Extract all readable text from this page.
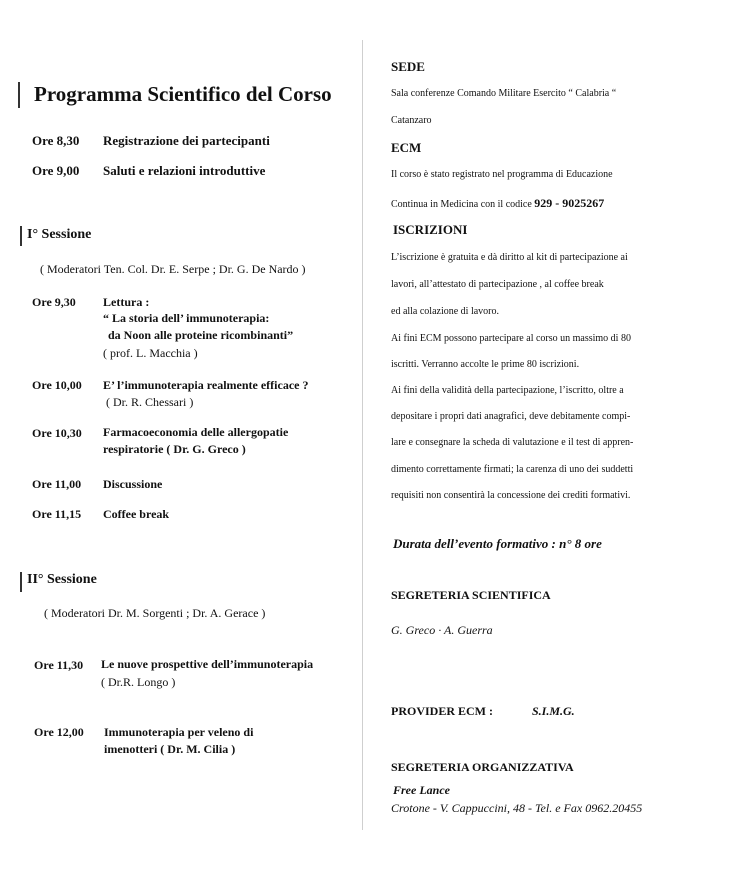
Programma Scientifico del Corso
Ore 8,30 Registrazione dei partecipanti
Ore 9,00 Saluti e relazioni introduttive
I° Sessione
( Moderatori Ten. Col. Dr. E. Serpe ; Dr. G. De Nardo )
Ore 9,30 Lettura :
“ La storia dell’ immunoterapia:
da Noon alle proteine ricombinanti”
( prof. L. Macchia )
Ore 10,00 E’ l’immunoterapia realmente efficace ?
( Dr. R. Chessari )
Ore 10,30 Farmacoeconomia delle allergopatie
respiratorie ( Dr. G. Greco )
Ore 11,00 Discussione
Ore 11,15 Coffee break
II° Sessione
( Moderatori Dr. M. Sorgenti ; Dr. A. Gerace )
Ore 11,30 Le nuove prospettive dell’immunoterapia
( Dr.R. Longo )
Ore 12,00 Immunoterapia per veleno di
imenotteri ( Dr. M. Cilia )
SEDE
Sala conferenze Comando Militare Esercito “ Calabria “
Catanzaro
ECM
Il corso è stato registrato nel programma di Educazione
Continua in Medicina con il codice 929 - 9025267
ISCRIZIONI
L’iscrizione è gratuita e dà diritto al kit di partecipazione ai
lavori, all’attestato di partecipazione , al coffee break
ed alla colazione di lavoro.
Ai fini ECM possono partecipare al corso un massimo di 80
iscritti. Verranno accolte le prime 80 iscrizioni.
Ai fini della validità della partecipazione, l’iscritto, oltre a
depositare i propri dati anagrafici, deve debitamente compi-
lare e consegnare la scheda di valutazione e il test di appren-
dimento correttamente firmati; la carenza di uno dei suddetti
requisiti non consentirà la concessione dei crediti formativi.
Durata dell’evento formativo : n° 8 ore
SEGRETERIA SCIENTIFICA
G. Greco · A. Guerra
PROVIDER ECM :	S.I.M.G.
SEGRETERIA ORGANIZZATIVA
Free Lance
Crotone - V. Cappuccini, 48 - Tel. e Fax 0962.20455
